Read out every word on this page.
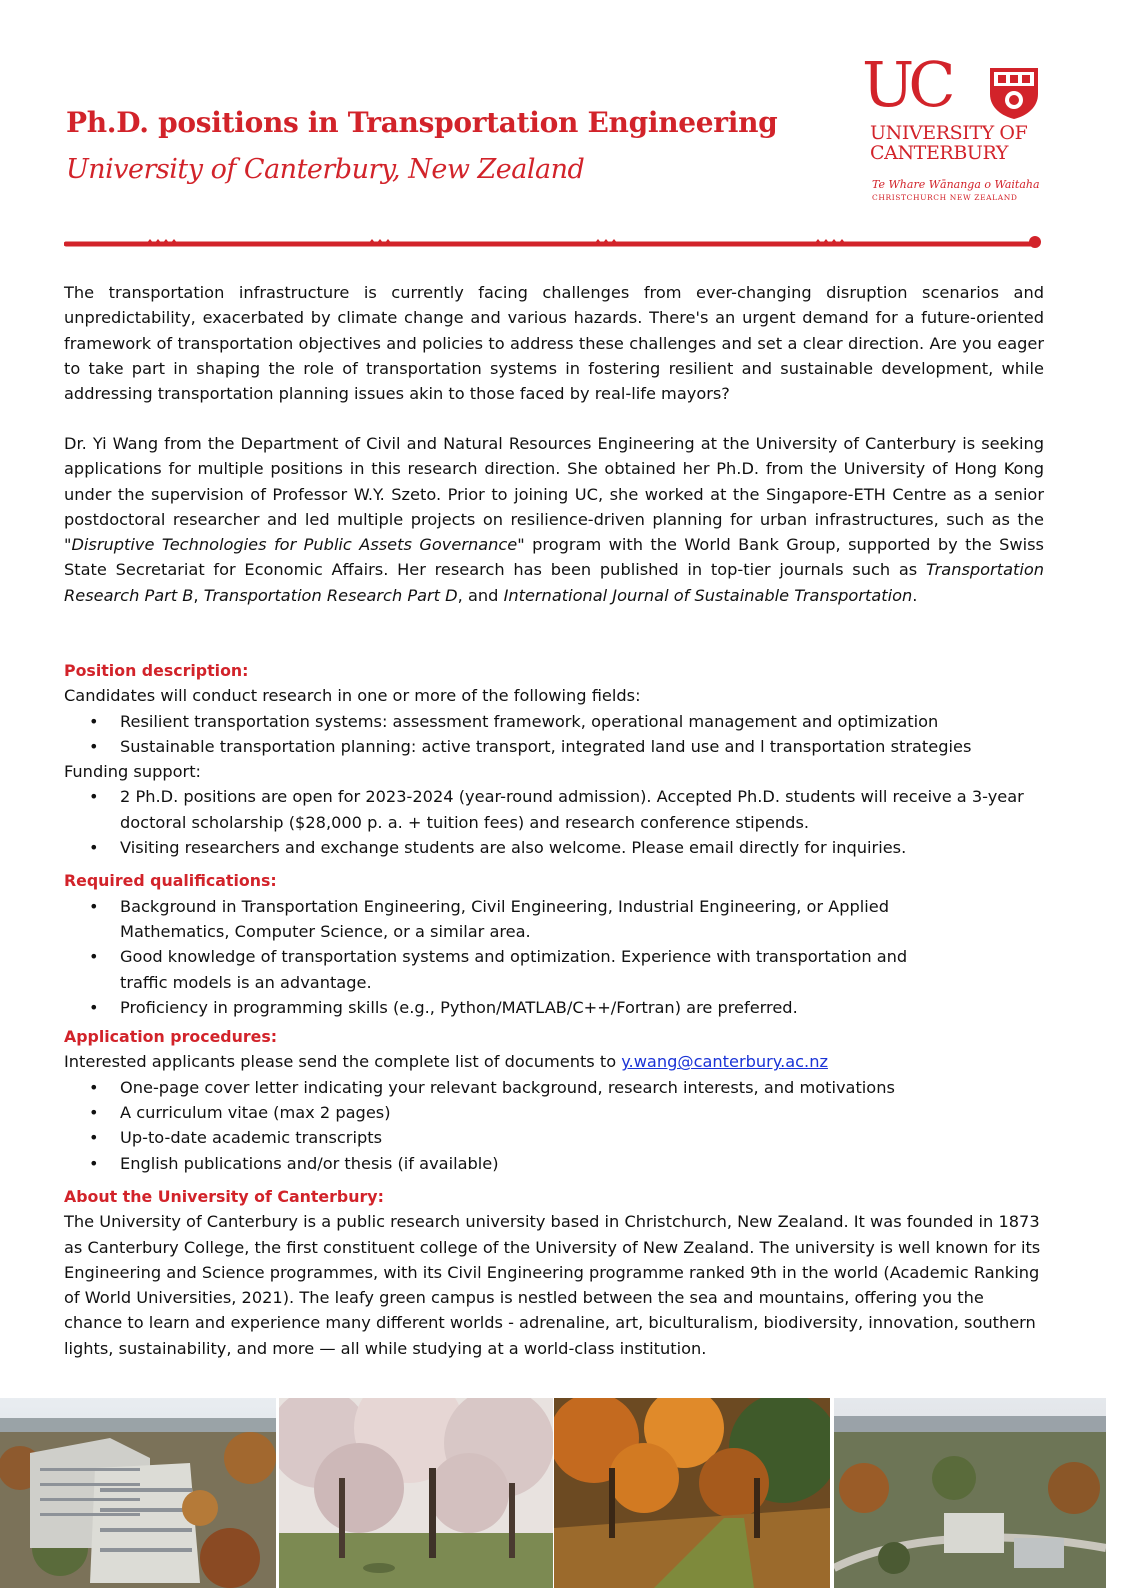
Ph.D. positions in Transportation Engineering
University of Canterbury, New Zealand
UC
UNIVERSITY OF
CANTERBURY
Te Whare Wānanga o Waitaha
CHRISTCHURCH NEW ZEALAND

The transportation infrastructure is currently facing challenges from ever-changing disruption scenarios and unpredictability, exacerbated by climate change and various hazards. There's an urgent demand for a future-oriented framework of transportation objectives and policies to address these challenges and set a clear direction. Are you eager to take part in shaping the role of transportation systems in fostering resilient and sustainable development, while addressing transportation planning issues akin to those faced by real-life mayors?

Dr. Yi Wang from the Department of Civil and Natural Resources Engineering at the University of Canterbury is seeking applications for multiple positions in this research direction. She obtained her Ph.D. from the University of Hong Kong under the supervision of Professor W.Y. Szeto. Prior to joining UC, she worked at the Singapore-ETH Centre as a senior postdoctoral researcher and led multiple projects on resilience-driven planning for urban infrastructures, such as the "Disruptive Technologies for Public Assets Governance" program with the World Bank Group, supported by the Swiss State Secretariat for Economic Affairs. Her research has been published in top-tier journals such as Transportation Research Part B, Transportation Research Part D, and International Journal of Sustainable Transportation.

Position description:
Candidates will conduct research in one or more of the following fields:
• Resilient transportation systems: assessment framework, operational management and optimization
• Sustainable transportation planning: active transport, integrated land use and l transportation strategies
Funding support:
• 2 Ph.D. positions are open for 2023-2024 (year-round admission). Accepted Ph.D. students will receive a 3-year doctoral scholarship ($28,000 p. a. + tuition fees) and research conference stipends.
• Visiting researchers and exchange students are also welcome. Please email directly for inquiries.
Required qualifications:
• Background in Transportation Engineering, Civil Engineering, Industrial Engineering, or Applied Mathematics, Computer Science, or a similar area.
• Good knowledge of transportation systems and optimization. Experience with transportation and traffic models is an advantage.
• Proficiency in programming skills (e.g., Python/MATLAB/C++/Fortran) are preferred.
Application procedures:
Interested applicants please send the complete list of documents to y.wang@canterbury.ac.nz
• One-page cover letter indicating your relevant background, research interests, and motivations
• A curriculum vitae (max 2 pages)
• Up-to-date academic transcripts
• English publications and/or thesis (if available)
About the University of Canterbury:

The University of Canterbury is a public research university based in Christchurch, New Zealand. It was founded in 1873 as Canterbury College, the first constituent college of the University of New Zealand. The university is well known for its Engineering and Science programmes, with its Civil Engineering programme ranked 9th in the world (Academic Ranking of World Universities, 2021). The leafy green campus is nestled between the sea and mountains, offering you the chance to learn and experience many different worlds - adrenaline, art, biculturalism, biodiversity, innovation, southern lights, sustainability, and more — all while studying at a world-class institution.
